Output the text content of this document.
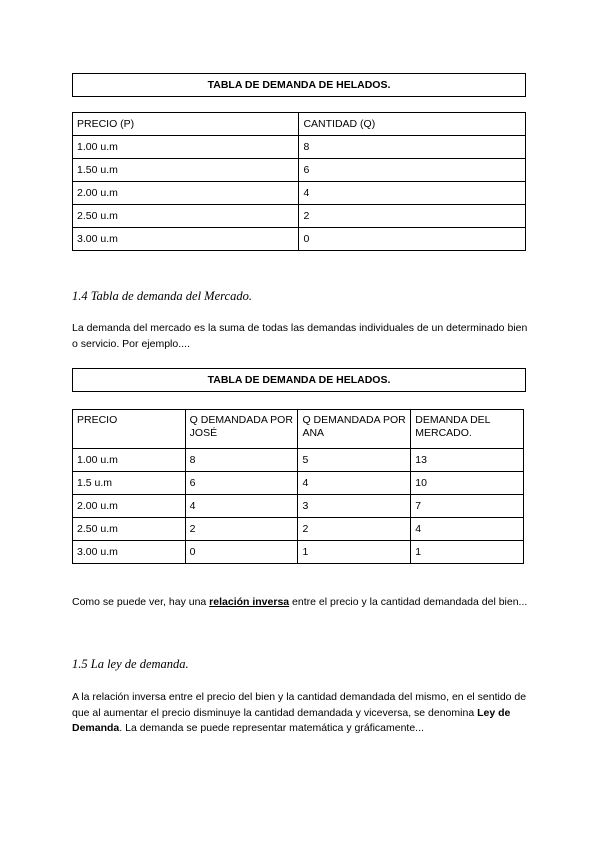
TABLA DE DEMANDA DE HELADOS.
PRECIO (P)	CANTIDAD (Q)
1.00 u.m	8
1.50 u.m	6
2.00 u.m	4
2.50 u.m	2
3.00 u.m	0
1.4 Tabla de demanda del Mercado.
La demanda del mercado es la suma de todas las demandas individuales de un determinado bien o servicio. Por ejemplo....
TABLA DE DEMANDA DE HELADOS.
PRECIO	Q DEMANDADA POR JOSÉ	Q DEMANDADA POR ANA	DEMANDA DEL MERCADO.
1.00 u.m	8	5	13
1.5 u.m	6	4	10
2.00 u.m	4	3	7
2.50 u.m	2	2	4
3.00 u.m	0	1	1
Como se puede ver, hay una relación inversa entre el precio y la cantidad demandada del bien...
1.5 La ley de demanda.
A la relación inversa entre el precio del bien y la cantidad demandada del mismo, en el sentido de que al aumentar el precio disminuye la cantidad demandada y viceversa, se denomina Ley de Demanda. La demanda se puede representar matemática y gráficamente...
